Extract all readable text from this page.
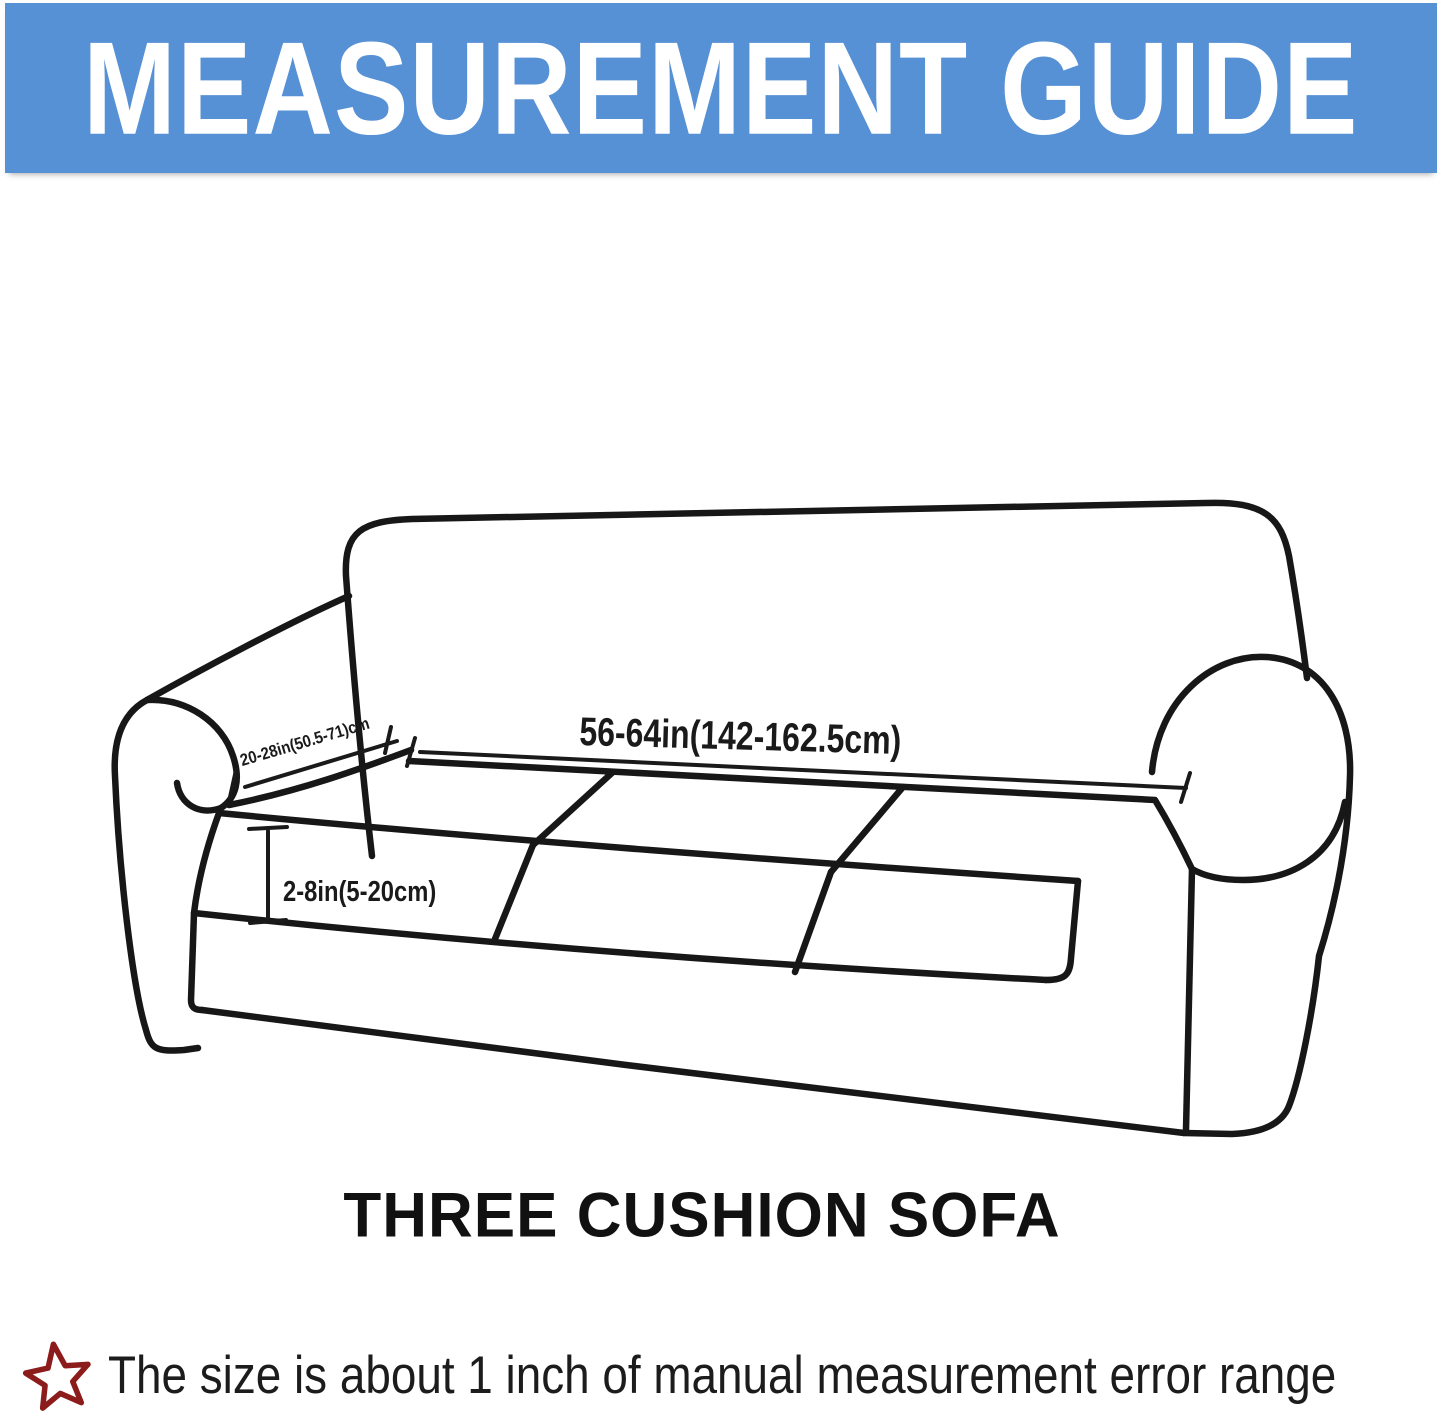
MEASUREMENT GUIDE
20-28in(50.5-71)cm	56-64in(142-162.5cm)
2-8in(5-20cm)
THREE CUSHION SOFA
The size is about 1 inch of manual measurement error range
